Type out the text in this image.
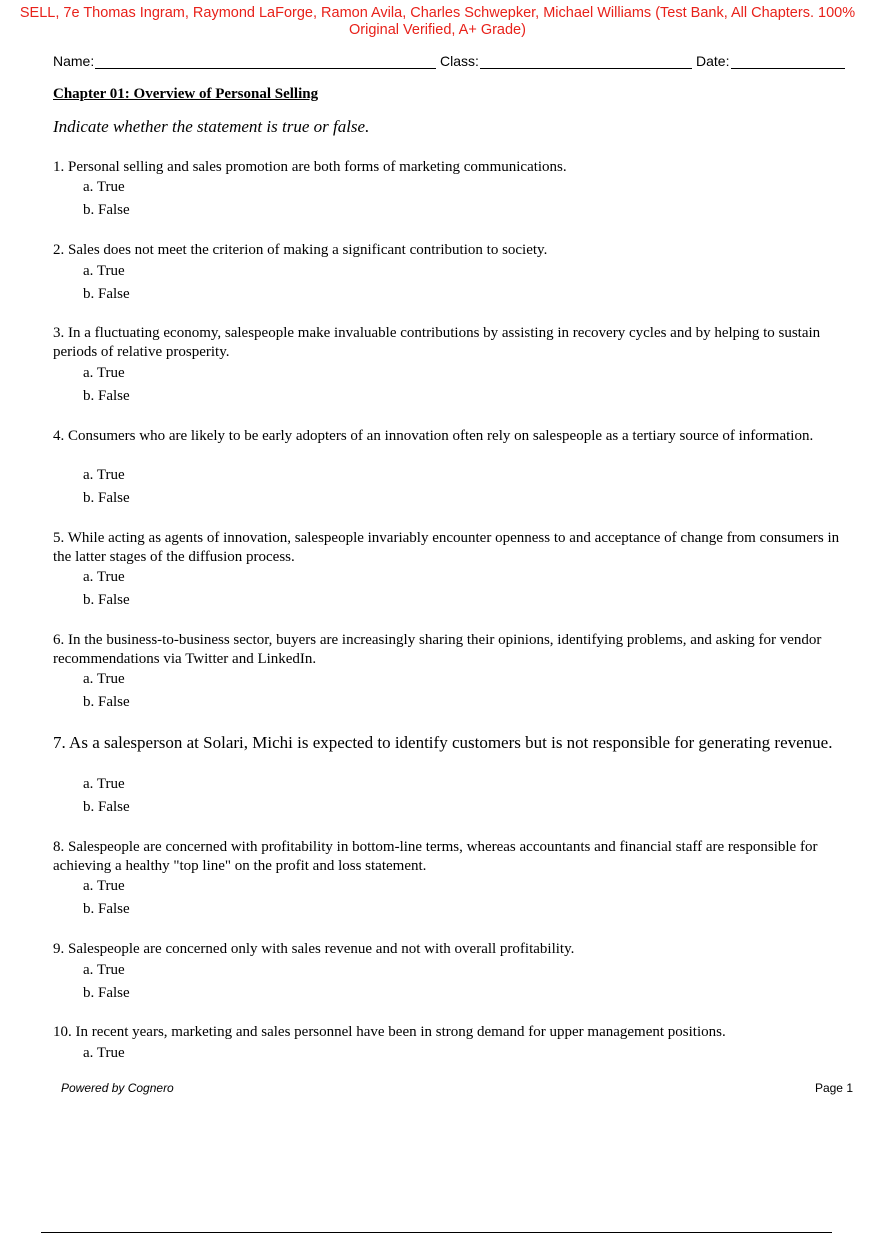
SELL, 7e Thomas Ingram, Raymond LaForge, Ramon Avila, Charles Schwepker, Michael Williams (Test Bank, All Chapters. 100% Original Verified, A+ Grade)
Name:	Class:	Date:
Chapter 01: Overview of Personal Selling
Indicate whether the statement is true or false.
1. Personal selling and sales promotion are both forms of marketing communications.
a. True
b. False
2. Sales does not meet the criterion of making a significant contribution to society.
a. True
b. False
3. In a fluctuating economy, salespeople make invaluable contributions by assisting in recovery cycles and by helping to sustain periods of relative prosperity.
a. True
b. False
4. Consumers who are likely to be early adopters of an innovation often rely on salespeople as a tertiary source of information.
a. True
b. False
5. While acting as agents of innovation, salespeople invariably encounter openness to and acceptance of change from consumers in the latter stages of the diffusion process.
a. True
b. False
6. In the business-to-business sector, buyers are increasingly sharing their opinions, identifying problems, and asking for vendor recommendations via Twitter and LinkedIn.
a. True
b. False
7. As a salesperson at Solari, Michi is expected to identify customers but is not responsible for generating revenue.
a. True
b. False
8. Salespeople are concerned with profitability in bottom-line terms, whereas accountants and financial staff are responsible for achieving a healthy "top line" on the profit and loss statement.
a. True
b. False
9. Salespeople are concerned only with sales revenue and not with overall profitability.
a. True
b. False
10. In recent years, marketing and sales personnel have been in strong demand for upper management positions.
a. True
Powered by Cognero	Page 1
